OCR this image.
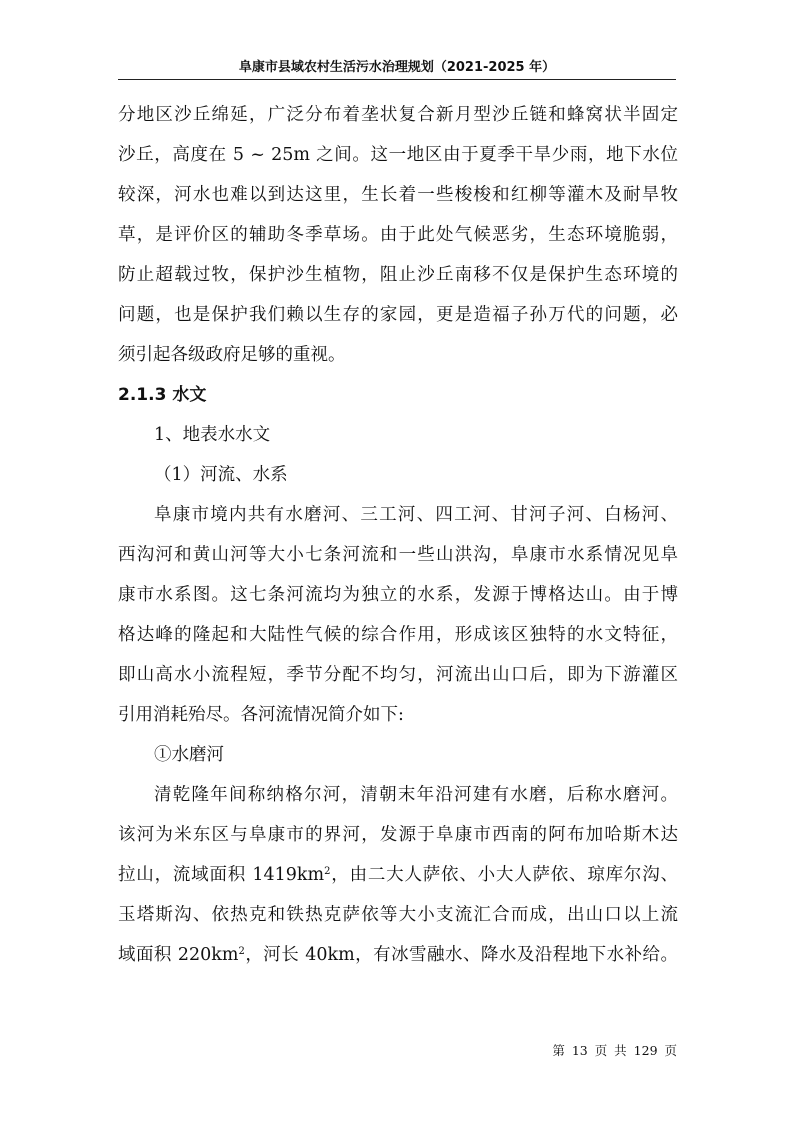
阜康市县域农村生活污水治理规划（2021-2025 年）
分地区沙丘绵延，广泛分布着垄状复合新月型沙丘链和蜂窝状半固定
沙丘，高度在 5 ~ 25m 之间。这一地区由于夏季干旱少雨，地下水位
较深，河水也难以到达这里，生长着一些梭梭和红柳等灌木及耐旱牧
草，是评价区的辅助冬季草场。由于此处气候恶劣，生态环境脆弱，
防止超载过牧，保护沙生植物，阻止沙丘南移不仅是保护生态环境的
问题，也是保护我们赖以生存的家园，更是造福子孙万代的问题，必
须引起各级政府足够的重视。
2.1.3 水文
1、地表水水文
（1）河流、水系
阜康市境内共有水磨河、三工河、四工河、甘河子河、白杨河、
西沟河和黄山河等大小七条河流和一些山洪沟，阜康市水系情况见阜
康市水系图。这七条河流均为独立的水系，发源于博格达山。由于博
格达峰的隆起和大陆性气候的综合作用，形成该区独特的水文特征，
即山高水小流程短，季节分配不均匀，河流出山口后，即为下游灌区
引用消耗殆尽。各河流情况简介如下:
①水磨河
清乾隆年间称纳格尔河，清朝末年沿河建有水磨，后称水磨河。
该河为米东区与阜康市的界河，发源于阜康市西南的阿布加哈斯木达
拉山，流域面积 $1419km^2$，由二大人萨依、小大人萨依、琼库尔沟、
玉塔斯沟、依热克和铁热克萨依等大小支流汇合而成，出山口以上流
域面积 $220km^2$，河长 40km，有冰雪融水、降水及沿程地下水补给。
第 13 页 共 129 页
